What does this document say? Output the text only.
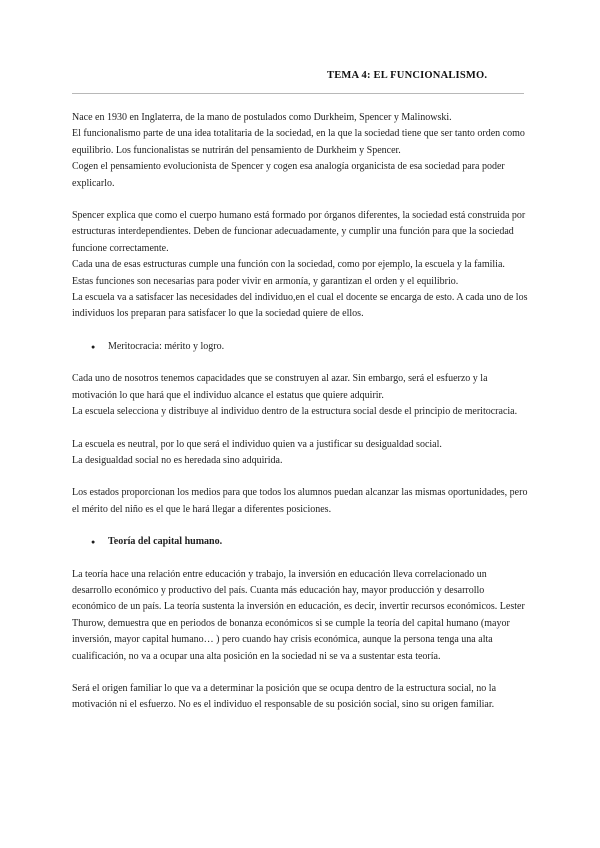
TEMA 4: EL FUNCIONALISMO.

Nace en 1930 en Inglaterra, de la mano de postulados como Durkheim, Spencer y Malinowski.

El funcionalismo parte de una idea totalitaria de la sociedad, en la que la sociedad tiene que ser tanto orden como equilibrio. Los funcionalistas se nutrirán del pensamiento de Durkheim y Spencer.

Cogen el pensamiento evolucionista de Spencer y cogen esa analogía organicista de esa sociedad para poder explicarlo.

Spencer explica que como el cuerpo humano está formado por órganos diferentes, la sociedad está construida por estructuras interdependientes. Deben de funcionar adecuadamente, y cumplir una función para que la sociedad funcione correctamente.

Cada una de esas estructuras cumple una función con la sociedad, como por ejemplo, la escuela y la familia. Estas funciones son necesarias para poder vivir en armonía, y garantizan el orden y el equilibrio.

La escuela va a satisfacer las necesidades del individuo,en el cual el docente se encarga de esto. A cada uno de los individuos los preparan para satisfacer lo que la sociedad quiere de ellos.

● Meritocracia: mérito y logro.

Cada uno de nosotros tenemos capacidades que se construyen al azar. Sin embargo, será el esfuerzo y la motivación lo que hará que el individuo alcance el estatus que quiere adquirir.

La escuela selecciona y distribuye al individuo dentro de la estructura social desde el principio de meritocracia.

La escuela es neutral, por lo que será el individuo quien va a justificar su desigualdad social.

La desigualdad social no es heredada sino adquirida.

Los estados proporcionan los medios para que todos los alumnos puedan alcanzar las mismas oportunidades, pero el mérito del niño es el que le hará llegar a diferentes posiciones.

● Teoría del capital humano.

La teoría hace una relación entre educación y trabajo, la inversión en educación lleva correlacionado un desarrollo económico y productivo del país. Cuanta más educación hay, mayor producción y desarrollo económico de un país. La teoría sustenta la inversión en educación, es decir, invertir recursos económicos. Lester Thurow, demuestra que en periodos de bonanza económicos si se cumple la teoría del capital humano (mayor inversión, mayor capital humano… ) pero cuando hay crisis económica, aunque la persona tenga una alta cualificación, no va a ocupar una alta posición en la sociedad ni se va a sustentar esta teoría.

Será el origen familiar lo que va a determinar la posición que se ocupa dentro de la estructura social, no la motivación ni el esfuerzo. No es el individuo el responsable de su posición social, sino su origen familiar.
